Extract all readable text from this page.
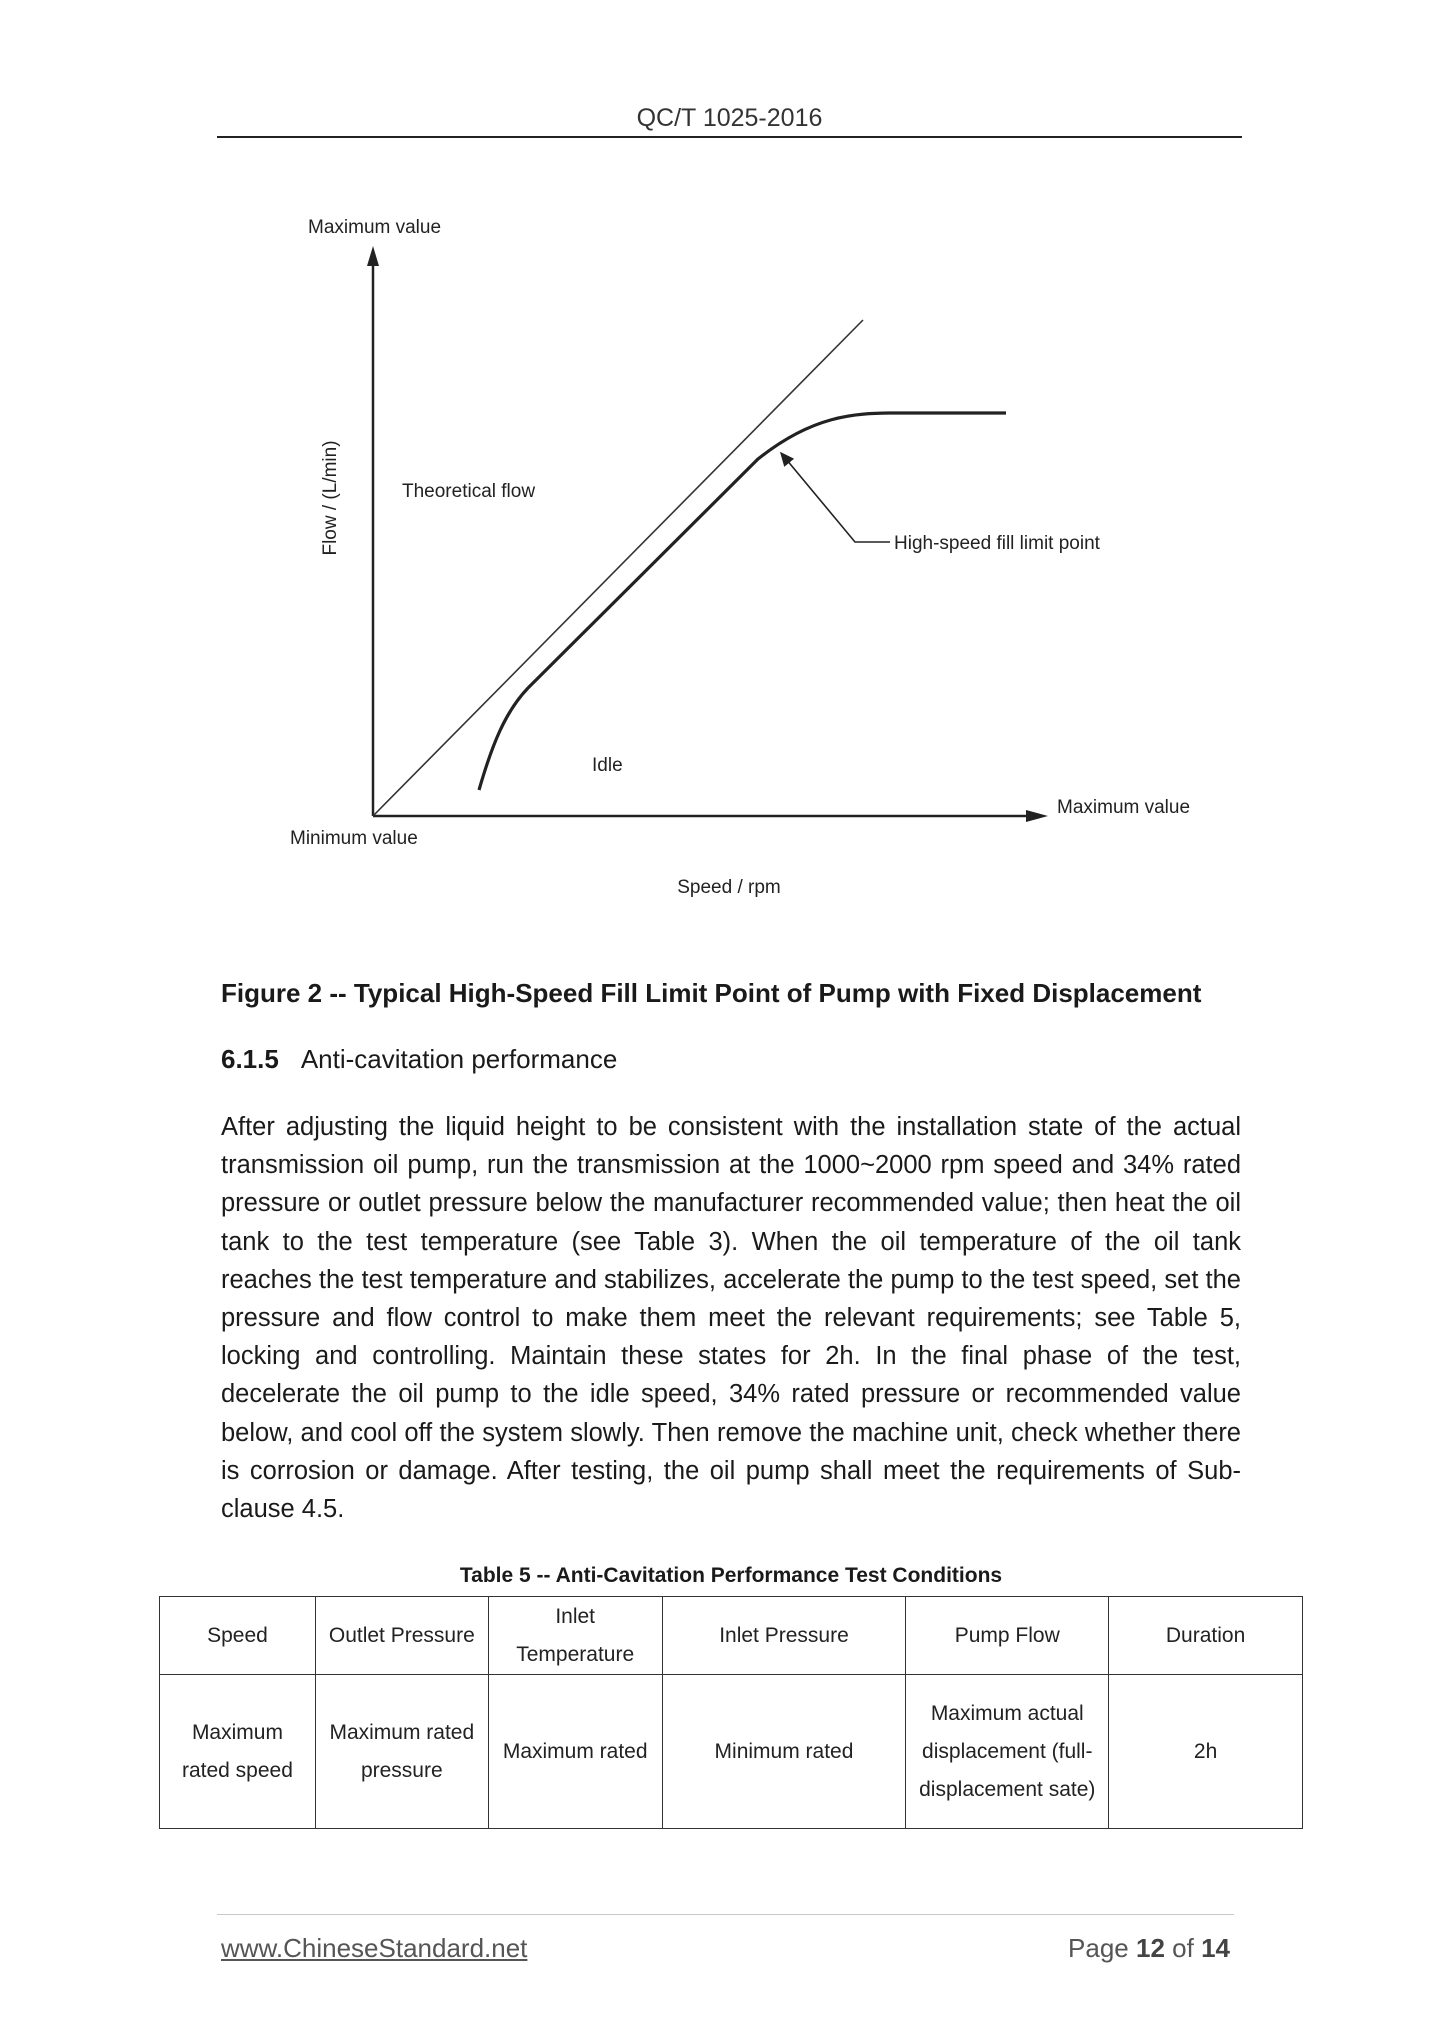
QC/T 1025-2016
Maximum value
Flow / (L/min)	Theoretical flow
High-speed fill limit point
Idle
Maximum value
Minimum value
Speed / rpm
Figure 2 -- Typical High-Speed Fill Limit Point of Pump with Fixed Displacement
6.1.5 Anti-cavitation performance

After adjusting the liquid height to be consistent with the installation state of the actual transmission oil pump, run the transmission at the 1000~2000 rpm speed and 34% rated pressure or outlet pressure below the manufacturer recommended value; then heat the oil tank to the test temperature (see Table 3). When the oil temperature of the oil tank reaches the test temperature and stabilizes, accelerate the pump to the test speed, set the pressure and flow control to make them meet the relevant requirements; see Table 5, locking and controlling. Maintain these states for 2h. In the final phase of the test, decelerate the oil pump to the idle speed, 34% rated pressure or recommended value below, and cool off the system slowly. Then remove the machine unit, check whether there is corrosion or damage. After testing, the oil pump shall meet the requirements of Sub-clause 4.5.

Table 5 -- Anti-Cavitation Performance Test Conditions
Speed	Outlet Pressure	Inlet Temperature	Inlet Pressure	Pump Flow	Duration
Maximum rated speed	Maximum rated pressure	Maximum rated	Minimum rated	Maximum actual displacement (full-displacement sate)	2h
www.ChineseStandard.net	Page 12 of 14
